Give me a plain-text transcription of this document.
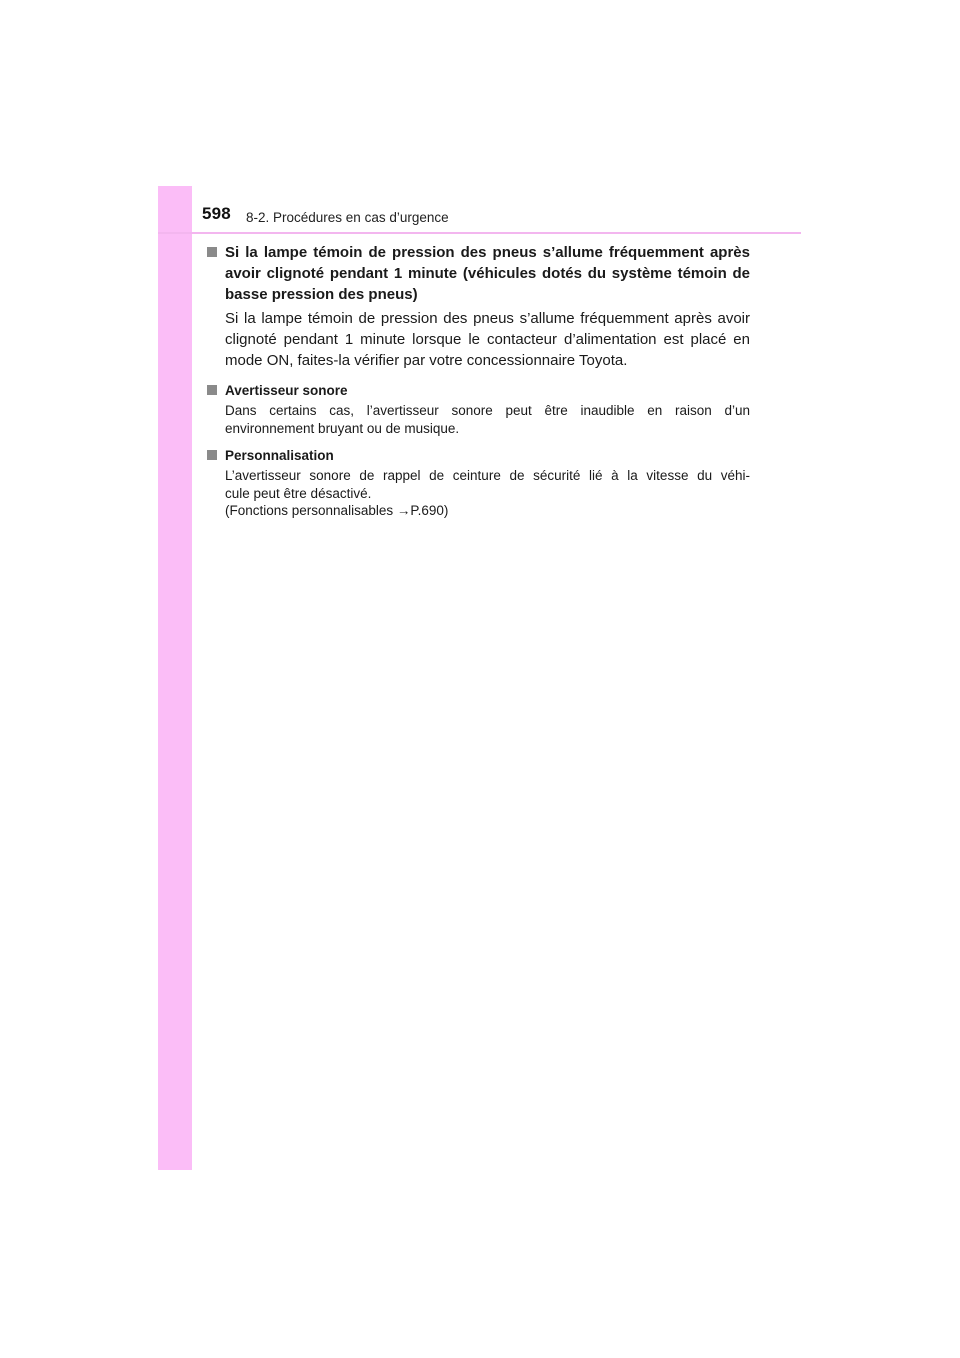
598 8-2. Procédures en cas d’urgence
Si la lampe témoin de pression des pneus s’allume fréquemment après avoir clignoté pendant 1 minute (véhicules dotés du système témoin de basse pression des pneus)
Si la lampe témoin de pression des pneus s’allume fréquemment après avoir clignoté pendant 1 minute lorsque le contacteur d’alimentation est placé en mode ON, faites-la vérifier par votre concessionnaire Toyota.
Avertisseur sonore
Dans certains cas, l’avertisseur sonore peut être inaudible en raison d’un environnement bruyant ou de musique.
Personnalisation
L’avertisseur sonore de rappel de ceinture de sécurité lié à la vitesse du véhi-
cule peut être désactivé.
(Fonctions personnalisables →P.690)
